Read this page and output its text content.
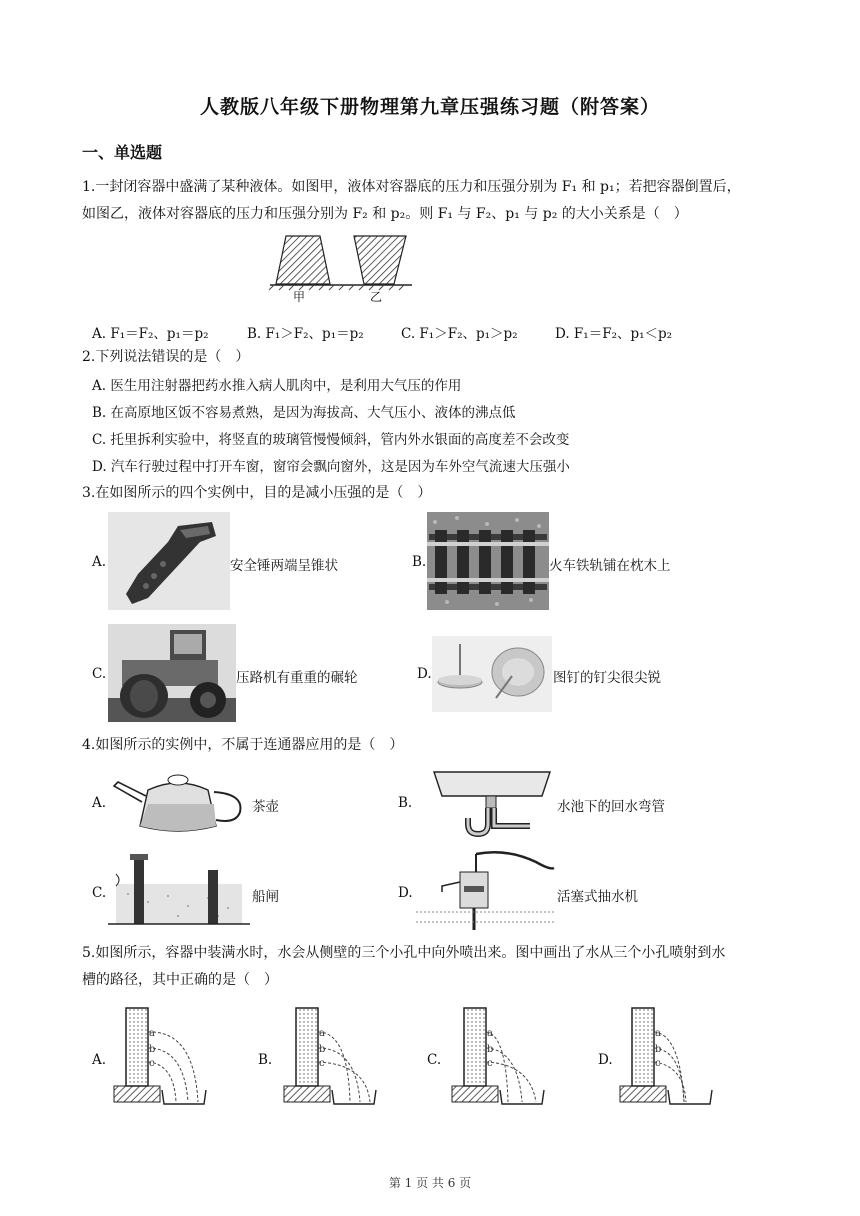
人教版八年级下册物理第九章压强练习题（附答案）
一、单选题
1.一封闭容器中盛满了某种液体。如图甲，液体对容器底的压力和压强分别为 F₁ 和 p₁；若把容器倒置后，
如图乙，液体对容器底的压力和压强分别为 F₂ 和 p₂。则 F₁ 与 F₂、p₁ 与 p₂ 的大小关系是（　）
甲	乙
A. F₁＝F₂、p₁＝p₂	B. F₁＞F₂、p₁＝p₂	C. F₁＞F₂、p₁＞p₂	D. F₁＝F₂、p₁＜p₂
2.下列说法错误的是（　）
A. 医生用注射器把药水推入病人肌肉中，是利用大气压的作用
B. 在高原地区饭不容易煮熟，是因为海拔高、大气压小、液体的沸点低
C. 托里拆利实验中，将竖直的玻璃管慢慢倾斜，管内外水银面的高度差不会改变
D. 汽车行驶过程中打开车窗，窗帘会飘向窗外，这是因为车外空气流速大压强小
3.在如图所示的四个实例中，目的是减小压强的是（　）
A.	安全锤两端呈锥状	B.	火车铁轨铺在枕木上
C.	压路机有重重的碾轮	D.	图钉的钉尖很尖锐
4.如图所示的实例中，不属于连通器应用的是（　）
A.	茶壶	B.	水池下的回水弯管
C.	船闸	D.	活塞式抽水机
5.如图所示，容器中装满水时，水会从侧壁的三个小孔中向外喷出来。图中画出了水从三个小孔喷射到水
槽的路径，其中正确的是（　）
A.	B.	C.	D.
a
b
c
a
b
c
a
b
c
a
b
c
第 1 页 共 6 页
